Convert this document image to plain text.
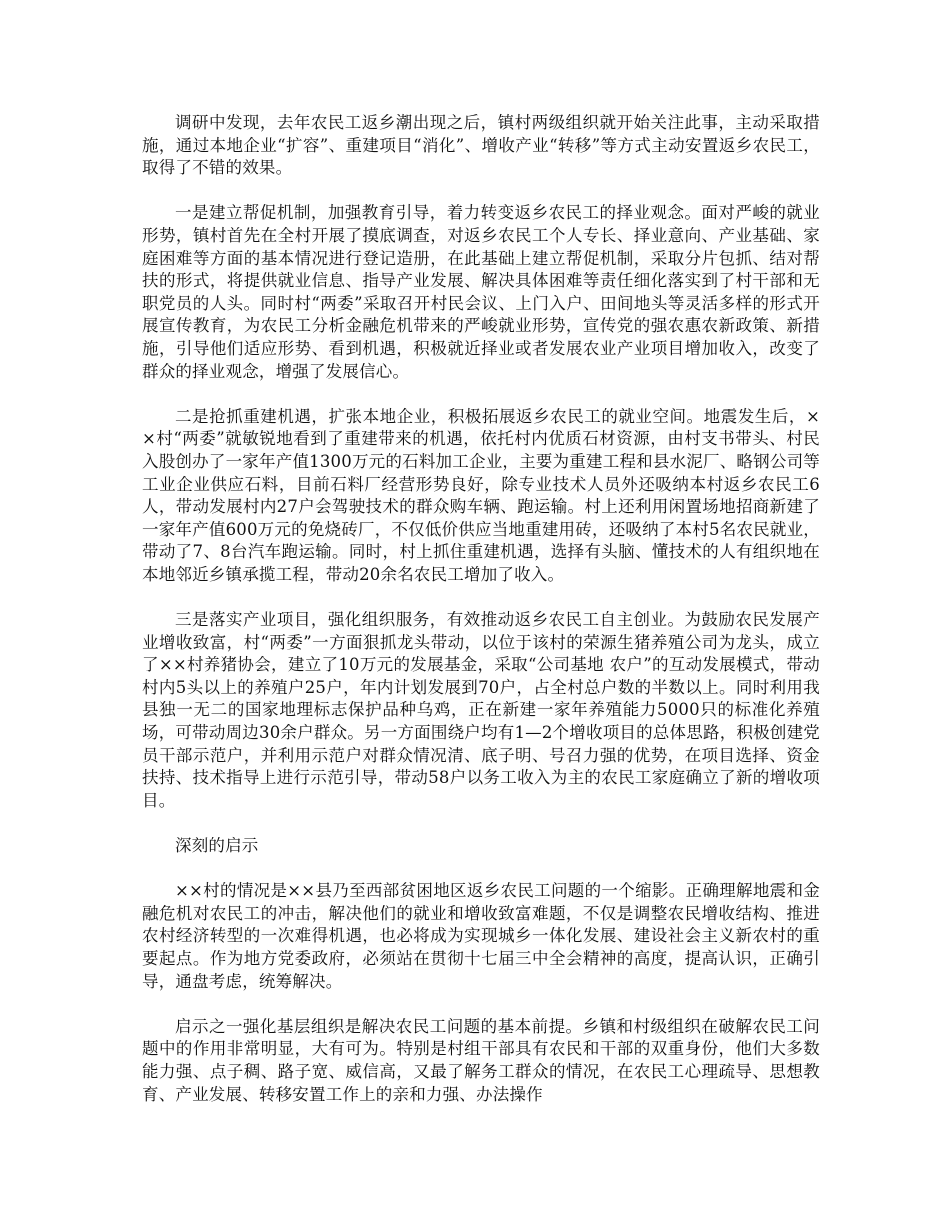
调研中发现，去年农民工返乡潮出现之后，镇村两级组织就开始关注此事，主动采取措施，通过本地企业“扩容”、重建项目“消化”、增收产业“转移”等方式主动安置返乡农民工，取得了不错的效果。

一是建立帮促机制，加强教育引导，着力转变返乡农民工的择业观念。面对严峻的就业形势，镇村首先在全村开展了摸底调查，对返乡农民工个人专长、择业意向、产业基础、家庭困难等方面的基本情况进行登记造册，在此基础上建立帮促机制，采取分片包抓、结对帮扶的形式，将提供就业信息、指导产业发展、解决具体困难等责任细化落实到了村干部和无职党员的人头。同时村“两委”采取召开村民会议、上门入户、田间地头等灵活多样的形式开展宣传教育，为农民工分析金融危机带来的严峻就业形势，宣传党的强农惠农新政策、新措施，引导他们适应形势、看到机遇，积极就近择业或者发展农业产业项目增加收入，改变了群众的择业观念，增强了发展信心。

二是抢抓重建机遇，扩张本地企业，积极拓展返乡农民工的就业空间。地震发生后，××村“两委”就敏锐地看到了重建带来的机遇，依托村内优质石材资源，由村支书带头、村民入股创办了一家年产值1300万元的石料加工企业，主要为重建工程和县水泥厂、略钢公司等工业企业供应石料，目前石料厂经营形势良好，除专业技术人员外还吸纳本村返乡农民工6人，带动发展村内27户会驾驶技术的群众购车辆、跑运输。村上还利用闲置场地招商新建了一家年产值600万元的免烧砖厂，不仅低价供应当地重建用砖，还吸纳了本村5名农民就业，带动了7、8台汽车跑运输。同时，村上抓住重建机遇，选择有头脑、懂技术的人有组织地在本地邻近乡镇承揽工程，带动20余名农民工增加了收入。

三是落实产业项目，强化组织服务，有效推动返乡农民工自主创业。为鼓励农民发展产业增收致富，村“两委”一方面狠抓龙头带动，以位于该村的荣源生猪养殖公司为龙头，成立了××村养猪协会，建立了10万元的发展基金，采取“公司基地 农户”的互动发展模式，带动村内5头以上的养殖户25户，年内计划发展到70户，占全村总户数的半数以上。同时利用我县独一无二的国家地理标志保护品种乌鸡，正在新建一家年养殖能力5000只的标准化养殖场，可带动周边30余户群众。另一方面围绕户均有1—2个增收项目的总体思路，积极创建党员干部示范户，并利用示范户对群众情况清、底子明、号召力强的优势，在项目选择、资金扶持、技术指导上进行示范引导，带动58户以务工收入为主的农民工家庭确立了新的增收项目。

深刻的启示

××村的情况是××县乃至西部贫困地区返乡农民工问题的一个缩影。正确理解地震和金融危机对农民工的冲击，解决他们的就业和增收致富难题，不仅是调整农民增收结构、推进农村经济转型的一次难得机遇，也必将成为实现城乡一体化发展、建设社会主义新农村的重要起点。作为地方党委政府，必须站在贯彻十七届三中全会精神的高度，提高认识，正确引导，通盘考虑，统筹解决。

启示之一强化基层组织是解决农民工问题的基本前提。乡镇和村级组织在破解农民工问题中的作用非常明显，大有可为。特别是村组干部具有农民和干部的双重身份，他们大多数能力强、点子稠、路子宽、威信高，又最了解务工群众的情况，在农民工心理疏导、思想教育、产业发展、转移安置工作上的亲和力强、办法操作
